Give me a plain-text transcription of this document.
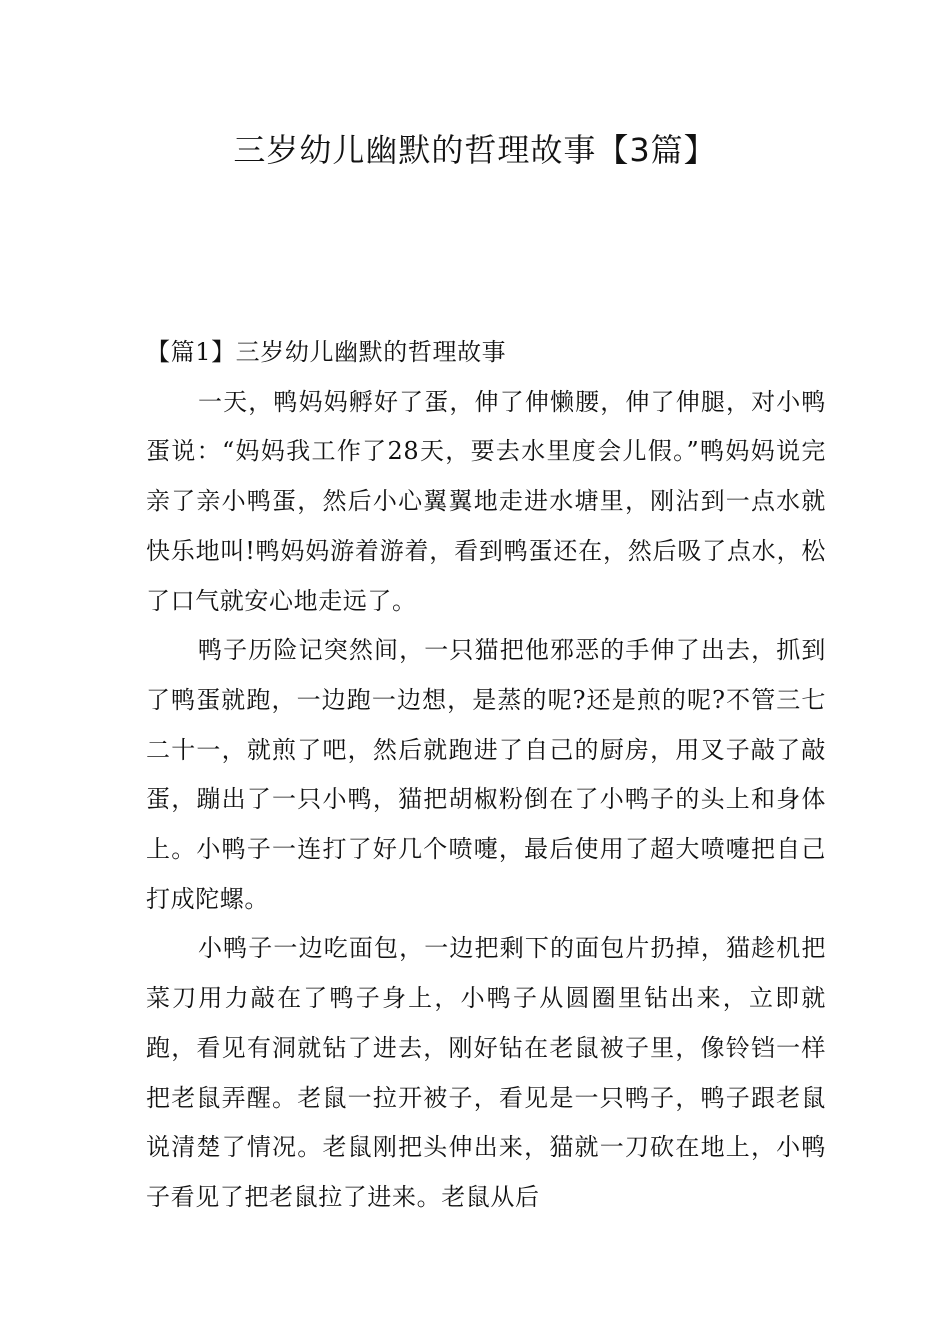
三岁幼儿幽默的哲理故事【3篇】

【篇1】三岁幼儿幽默的哲理故事

一天，鸭妈妈孵好了蛋，伸了伸懒腰，伸了伸腿，对小鸭蛋说：“妈妈我工作了28天，要去水里度会儿假。”鸭妈妈说完亲了亲小鸭蛋，然后小心翼翼地走进水塘里，刚沾到一点水就快乐地叫!鸭妈妈游着游着，看到鸭蛋还在，然后吸了点水，松了口气就安心地走远了。

鸭子历险记突然间，一只猫把他邪恶的手伸了出去，抓到了鸭蛋就跑，一边跑一边想，是蒸的呢?还是煎的呢?不管三七二十一，就煎了吧，然后就跑进了自己的厨房，用叉子敲了敲蛋，蹦出了一只小鸭，猫把胡椒粉倒在了小鸭子的头上和身体上。小鸭子一连打了好几个喷嚏，最后使用了超大喷嚏把自己打成陀螺。

小鸭子一边吃面包，一边把剩下的面包片扔掉，猫趁机把菜刀用力敲在了鸭子身上，小鸭子从圆圈里钻出来，立即就跑，看见有洞就钻了进去，刚好钻在老鼠被子里，像铃铛一样把老鼠弄醒。老鼠一拉开被子，看见是一只鸭子，鸭子跟老鼠说清楚了情况。老鼠刚把头伸出来，猫就一刀砍在地上，小鸭子看见了把老鼠拉了进来。老鼠从后
